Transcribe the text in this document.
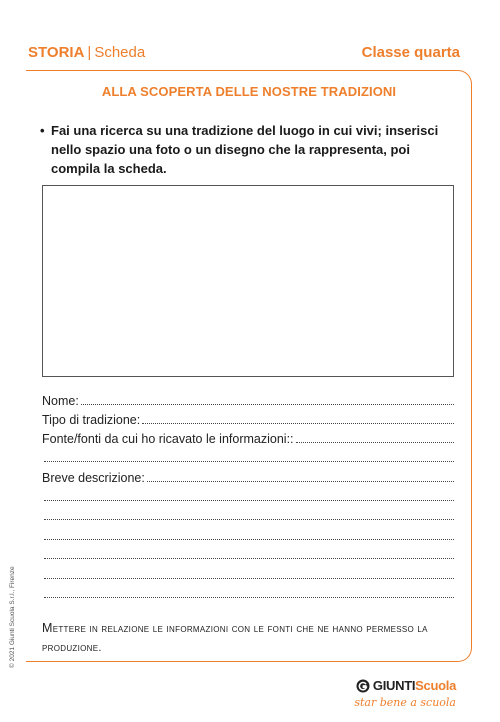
STORIA | Scheda	Classe quarta
ALLA SCOPERTA DELLE NOSTRE TRADIZIONI
• Fai una ricerca su una tradizione del luogo in cui vivi; inserisci nello spazio una foto o un disegno che la rappresenta, poi compila la scheda.
Nome:
Tipo di tradizione:
Fonte/fonti da cui ho ricavato le informazioni::
Breve descrizione:
Mettere in relazione le informazioni con le fonti che ne hanno permesso la produzione.
© 2021 Giunti Scuola S.r.l., Firenze
GIUNTI Scuola
star bene a scuola
